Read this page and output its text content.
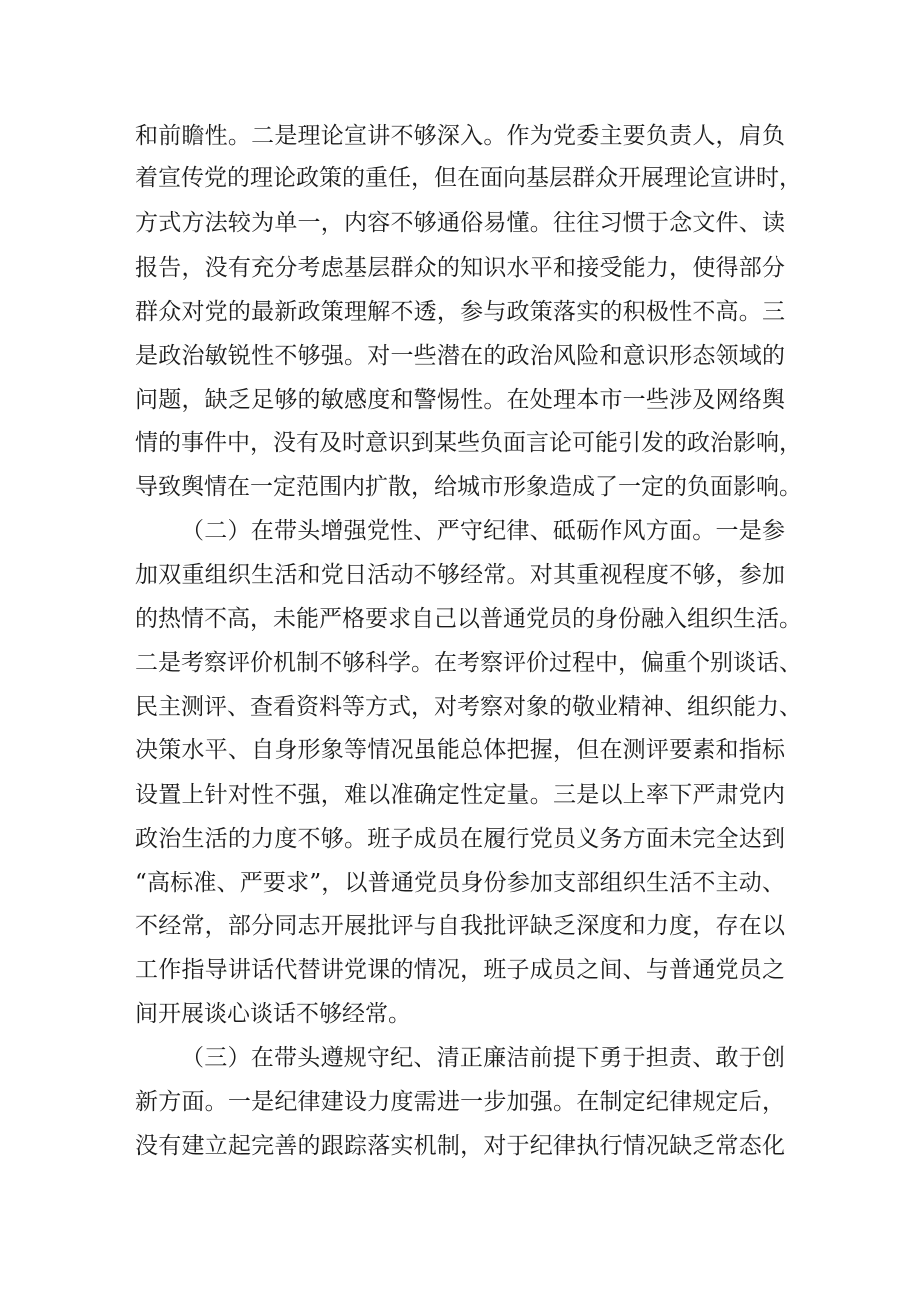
和前瞻性。二是理论宣讲不够深入。作为党委主要负责人，肩负
着宣传党的理论政策的重任，但在面向基层群众开展理论宣讲时，
方式方法较为单一，内容不够通俗易懂。往往习惯于念文件、读
报告，没有充分考虑基层群众的知识水平和接受能力，使得部分
群众对党的最新政策理解不透，参与政策落实的积极性不高。三
是政治敏锐性不够强。对一些潜在的政治风险和意识形态领域的
问题，缺乏足够的敏感度和警惕性。在处理本市一些涉及网络舆
情的事件中，没有及时意识到某些负面言论可能引发的政治影响，
导致舆情在一定范围内扩散，给城市形象造成了一定的负面影响。
（二）在带头增强党性、严守纪律、砥砺作风方面。一是参
加双重组织生活和党日活动不够经常。对其重视程度不够，参加
的热情不高，未能严格要求自己以普通党员的身份融入组织生活。
二是考察评价机制不够科学。在考察评价过程中，偏重个别谈话、
民主测评、查看资料等方式，对考察对象的敬业精神、组织能力、
决策水平、自身形象等情况虽能总体把握，但在测评要素和指标
设置上针对性不强，难以准确定性定量。三是以上率下严肃党内
政治生活的力度不够。班子成员在履行党员义务方面未完全达到
“高标准、严要求”，以普通党员身份参加支部组织生活不主动、
不经常，部分同志开展批评与自我批评缺乏深度和力度，存在以
工作指导讲话代替讲党课的情况，班子成员之间、与普通党员之
间开展谈心谈话不够经常。
（三）在带头遵规守纪、清正廉洁前提下勇于担责、敢于创
新方面。一是纪律建设力度需进一步加强。在制定纪律规定后，
没有建立起完善的跟踪落实机制，对于纪律执行情况缺乏常态化
